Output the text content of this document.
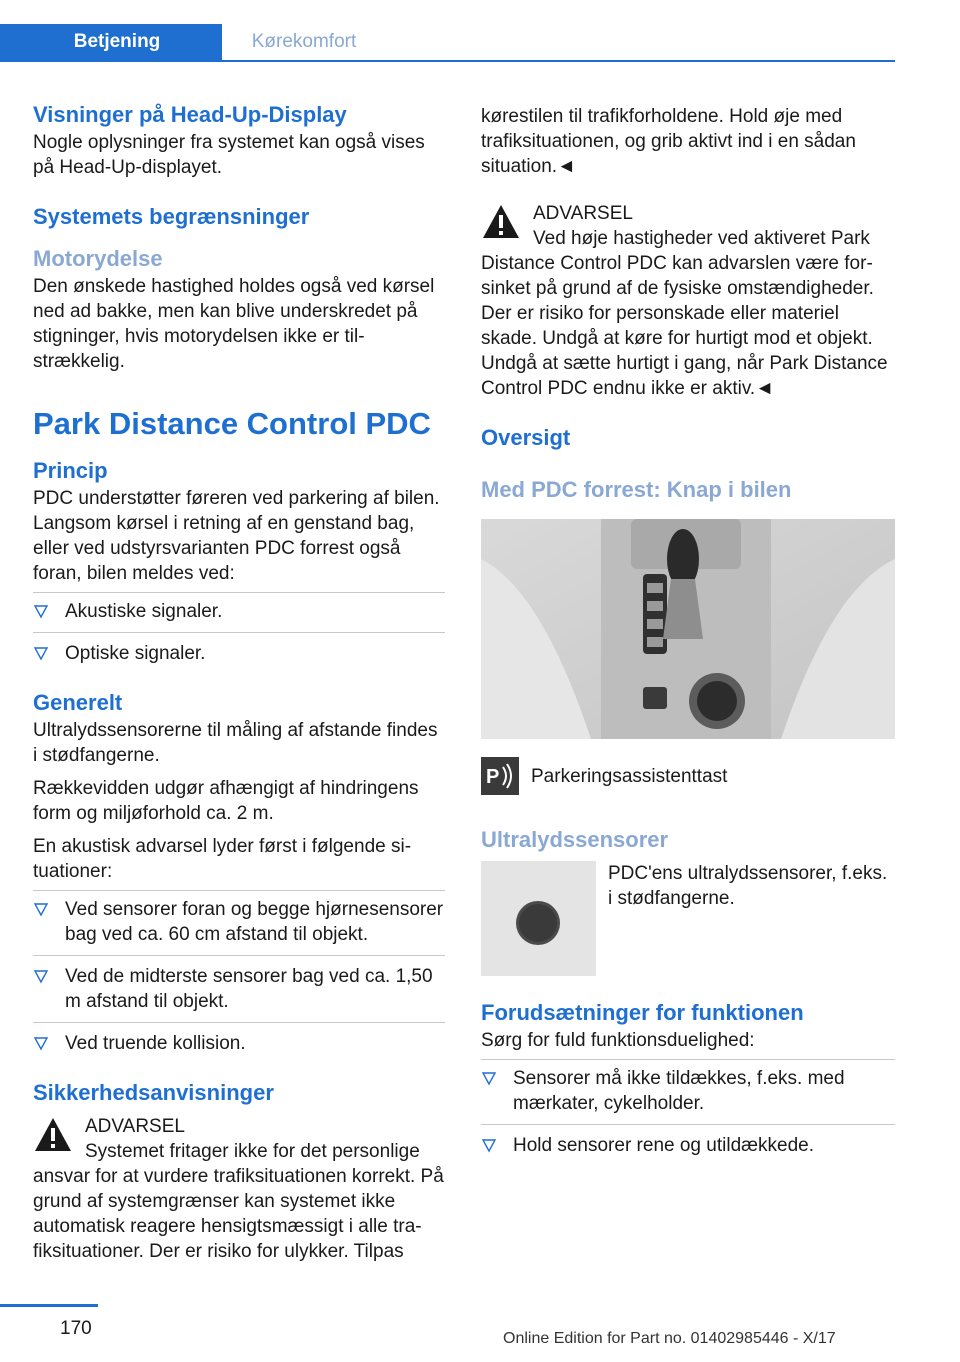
Betjening	Kørekomfort
Visninger på Head-Up-Display

Nogle oplysninger fra systemet kan også vises på Head-Up-displayet.

Systemets begrænsninger
Motorydelse

Den ønskede hastighed holdes også ved kørsel ned ad bakke, men kan blive underskredet på stigninger, hvis motorydelsen ikke er tilstrækkelig.

Park Distance Control PDC
Princip

PDC understøtter føreren ved parkering af bilen. Langsom kørsel i retning af en genstand bag, eller ved udstyrsvarianten PDC forrest også foran, bilen meldes ved:

Akustiske signaler.
Optiske signaler.
Generelt

Ultralydssensorerne til måling af afstande findes i stødfangerne.

Rækkevidden udgør afhængigt af hindringens form og miljøforhold ca. 2 m.

En akustisk advarsel lyder først i følgende situationer:

Ved sensorer foran og begge hjørnesensorer bag ved ca. 60 cm afstand til objekt.
Ved de midterste sensorer bag ved ca. 1,50 m afstand til objekt.
Ved truende kollision.
Sikkerhedsanvisninger
ADVARSEL
Systemet fritager ikke for det personlige ansvar for at vurdere trafiksituationen korrekt. På grund af systemgrænser kan systemet ikke automatisk reagere hensigtsmæssigt i alle trafiksituationer. Der er risiko for ulykker. Tilpas

kørestilen til trafikforholdene. Hold øje med trafiksituationen, og grib aktivt ind i en sådan situation.◄

ADVARSEL
Ved høje hastigheder ved aktiveret Park Distance Control PDC kan advarslen være forsinket på grund af de fysiske omstændigheder. Der er risiko for personskade eller materiel skade. Undgå at køre for hurtigt mod et objekt. Undgå at sætte hurtigt i gang, når Park Distance Control PDC endnu ikke er aktiv.◄
Oversigt
Med PDC forrest: Knap i bilen
P Parkeringsassistenttast
Ultralydssensorer

PDC'ens ultralydssensorer, f.eks. i stødfangerne.

Forudsætninger for funktionen

Sørg for fuld funktionsduelighed:

Sensorer må ikke tildækkes, f.eks. med mærkater, cykelholder.
Hold sensorer rene og utildækkede.
170	Online Edition for Part no. 01402985446 - X/17
